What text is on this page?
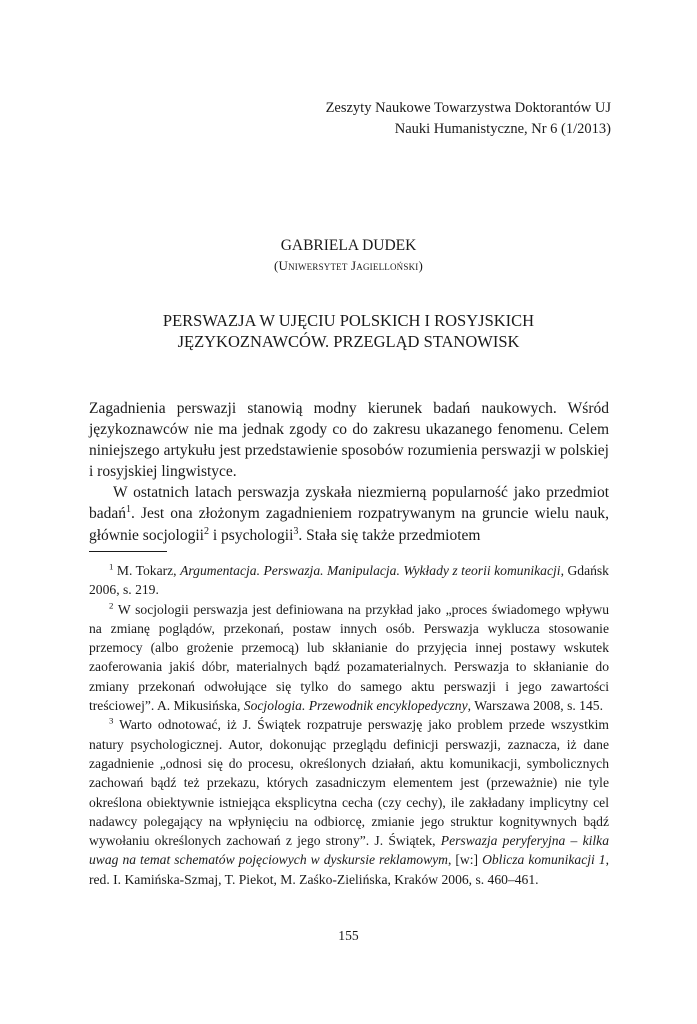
Zeszyty Naukowe Towarzystwa Doktorantów UJ
Nauki Humanistyczne, Nr 6 (1/2013)
GABRIELA DUDEK
(Uniwersytet Jagielloński)
PERSWAZJA W UJĘCIU POLSKICH I ROSYJSKICH
JĘZYKOZNAWCÓW. PRZEGLĄD STANOWISK

Zagadnienia perswazji stanowią modny kierunek badań naukowych. Wśród językoznawców nie ma jednak zgody co do zakresu ukazanego fenomenu. Celem niniejszego artykułu jest przedstawienie sposobów rozumienia perswazji w polskiej i rosyjskiej lingwistyce.

W ostatnich latach perswazja zyskała niezmierną popularność jako przedmiot badań$^1$. Jest ona złożonym zagadnieniem rozpatrywanym na gruncie wielu nauk, głównie socjologii$^2$ i psychologii$^3$. Stała się także przedmiotem

$^1$ M. Tokarz, Argumentacja. Perswazja. Manipulacja. Wykłady z teorii komunikacji, Gdańsk 2006, s. 219.

$^2$ W socjologii perswazja jest definiowana na przykład jako „proces świadomego wpływu na zmianę poglądów, przekonań, postaw innych osób. Perswazja wyklucza stosowanie przemocy (albo grożenie przemocą) lub skłanianie do przyjęcia innej postawy wskutek zaoferowania jakiś dóbr, materialnych bądź pozamaterialnych. Perswazja to skłanianie do zmiany przekonań odwołujące się tylko do samego aktu perswazji i jego zawartości treściowej”. A. Mikusińska, Socjologia. Przewodnik encyklopedyczny, Warszawa 2008, s. 145.

$^3$ Warto odnotować, iż J. Świątek rozpatruje perswazję jako problem przede wszystkim natury psychologicznej. Autor, dokonując przeglądu definicji perswazji, zaznacza, iż dane zagadnienie „odnosi się do procesu, określonych działań, aktu komunikacji, symbolicznych zachowań bądź też przekazu, których zasadniczym elementem jest (przeważnie) nie tyle określona obiektywnie istniejąca eksplicytna cecha (czy cechy), ile zakładany implicytny cel nadawcy polegający na wpłynięciu na odbiorcę, zmianie jego struktur kognitywnych bądź wywołaniu określonych zachowań z jego strony”. J. Świątek, Perswazja peryferyjna – kilka uwag na temat schematów pojęciowych w dyskursie reklamowym, [w:] Oblicza komunikacji 1, red. I. Kamińska-Szmaj, T. Piekot, M. Zaśko-Zielińska, Kraków 2006, s. 460–461.

155
